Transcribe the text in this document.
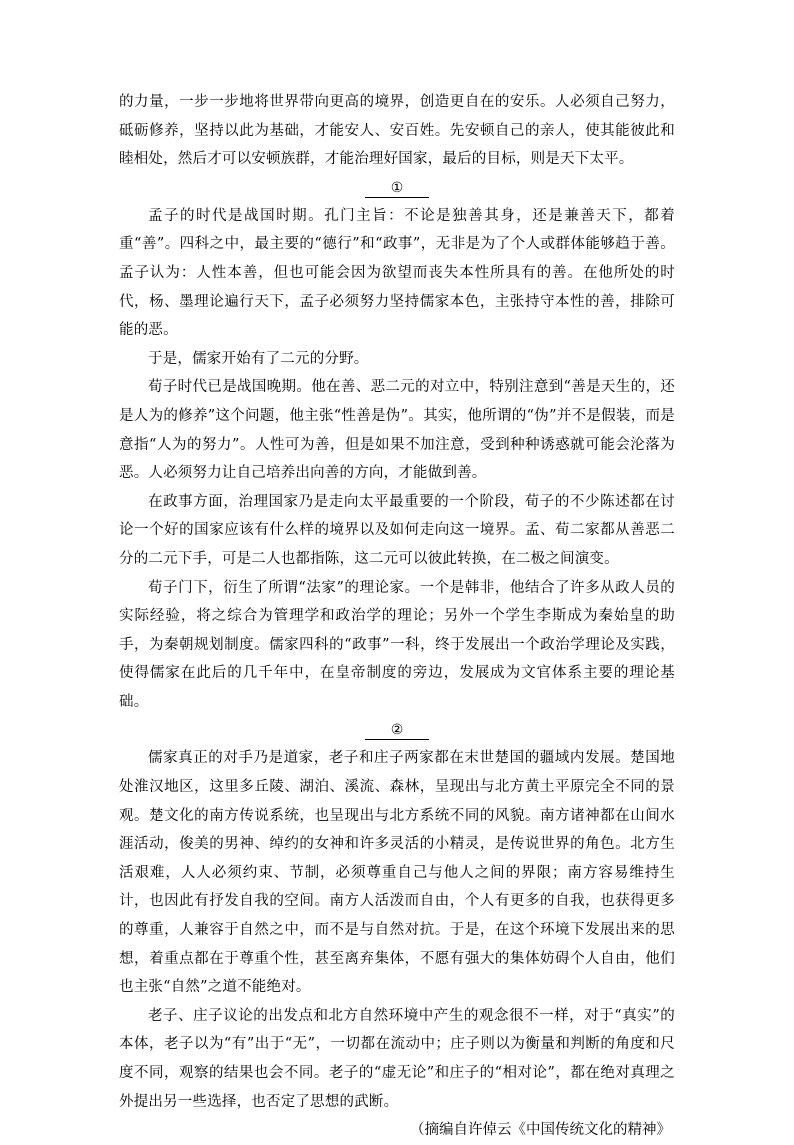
的力量，一步一步地将世界带向更高的境界，创造更自在的安乐。人必须自己努力，砥砺修养，坚持以此为基础，才能安人、安百姓。先安顿自己的亲人，使其能彼此和睦相处，然后才可以安顿族群，才能治理好国家，最后的目标，则是天下太平。

①

孟子的时代是战国时期。孔门主旨：不论是独善其身，还是兼善天下，都着重“善”。四科之中，最主要的“德行”和“政事”，无非是为了个人或群体能够趋于善。孟子认为：人性本善，但也可能会因为欲望而丧失本性所具有的善。在他所处的时代，杨、墨理论遍行天下，孟子必须努力坚持儒家本色，主张持守本性的善，排除可能的恶。

于是，儒家开始有了二元的分野。

荀子时代已是战国晚期。他在善、恶二元的对立中，特别注意到“善是天生的，还是人为的修养”这个问题，他主张“性善是伪”。其实，他所谓的“伪”并不是假装，而是意指“人为的努力”。人性可为善，但是如果不加注意，受到种种诱惑就可能会沦落为恶。人必须努力让自己培养出向善的方向，才能做到善。

在政事方面，治理国家乃是走向太平最重要的一个阶段，荀子的不少陈述都在讨论一个好的国家应该有什么样的境界以及如何走向这一境界。孟、荀二家都从善恶二分的二元下手，可是二人也都指陈，这二元可以彼此转换，在二极之间演变。

荀子门下，衍生了所谓“法家”的理论家。一个是韩非，他结合了许多从政人员的实际经验，将之综合为管理学和政治学的理论；另外一个学生李斯成为秦始皇的助手，为秦朝规划制度。儒家四科的“政事”一科，终于发展出一个政治学理论及实践，使得儒家在此后的几千年中，在皇帝制度的旁边，发展成为文官体系主要的理论基础。

②

儒家真正的对手乃是道家，老子和庄子两家都在末世楚国的疆域内发展。楚国地处淮汉地区，这里多丘陵、湖泊、溪流、森林，呈现出与北方黄土平原完全不同的景观。楚文化的南方传说系统，也呈现出与北方系统不同的风貌。南方诸神都在山间水涯活动，俊美的男神、绰约的女神和许多灵活的小精灵，是传说世界的角色。北方生活艰难，人人必须约束、节制，必须尊重自己与他人之间的界限；南方容易维持生计，也因此有抒发自我的空间。南方人活泼而自由，个人有更多的自我，也获得更多的尊重，人兼容于自然之中，而不是与自然对抗。于是，在这个环境下发展出来的思想，着重点都在于尊重个性，甚至离弃集体，不愿有强大的集体妨碍个人自由，他们也主张“自然”之道不能绝对。

老子、庄子议论的出发点和北方自然环境中产生的观念很不一样，对于“真实”的本体，老子以为“有”出于“无”，一切都在流动中；庄子则以为衡量和判断的角度和尺度不同，观察的结果也会不同。老子的“虚无论”和庄子的“相对论”，都在绝对真理之外提出另一些选择，也否定了思想的武断。

（摘编自许倬云《中国传统文化的精神》
